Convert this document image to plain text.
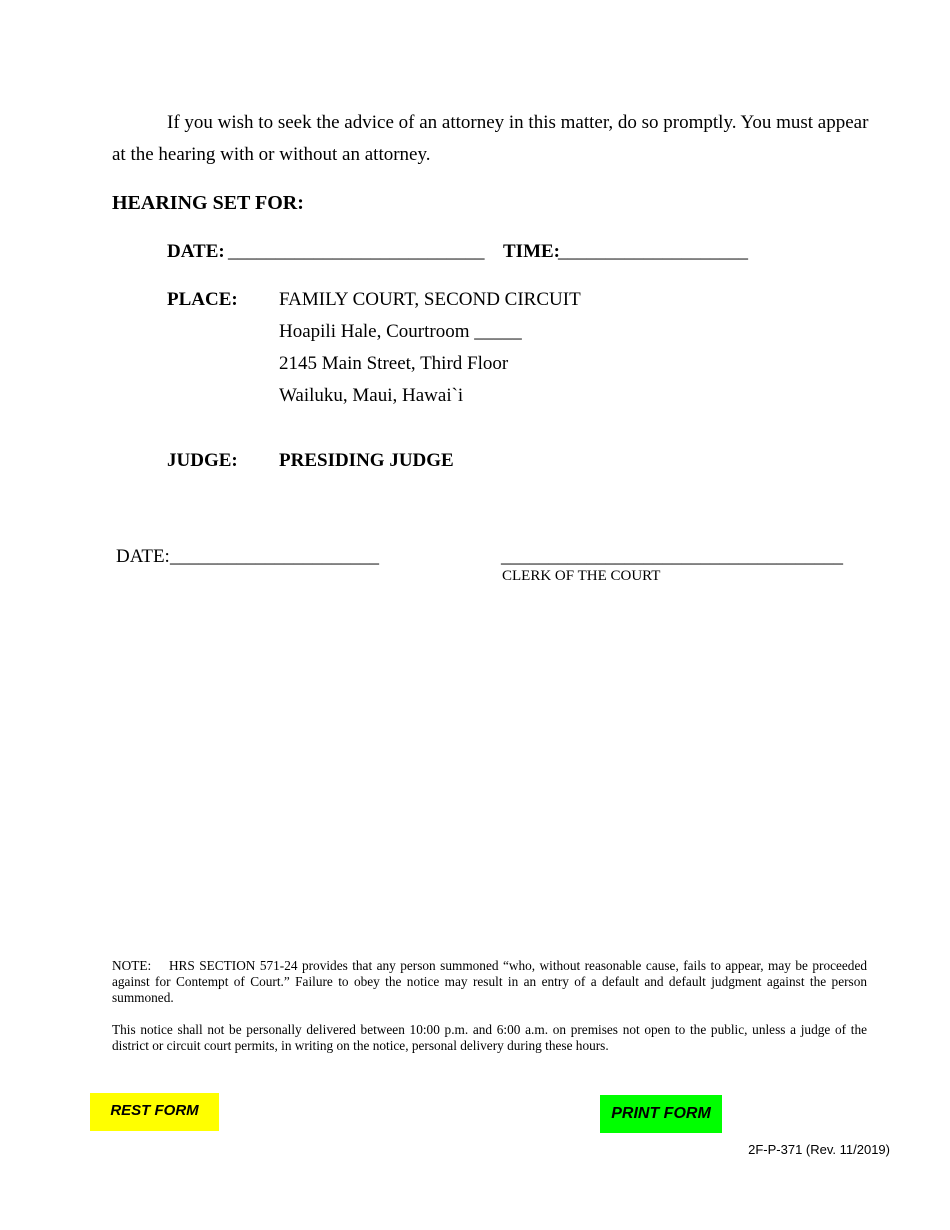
If you wish to seek the advice of an attorney in this matter, do so promptly. You must appear
at the hearing with or without an attorney.
HEARING SET FOR:
DATE: ___________________________ TIME:
____________________
PLACE: FAMILY COURT, SECOND CIRCUIT
Hoapili Hale, Courtroom _____
2145 Main Street, Third Floor
Wailuku, Maui, Hawai`i
JUDGE: PRESIDING JUDGE
DATE: ______________________	____________________________________
CLERK OF THE COURT
NOTE:    HRS SECTION 571-24 provides that any person summoned “who, without reasonable cause, fails to appear, may be proceeded against for Contempt of Court.” Failure to obey the notice may result in an entry of a default and default judgment against the person summoned.
This notice shall not be personally delivered between 10:00 p.m. and 6:00 a.m. on premises not open to the public, unless a judge of the district or circuit court permits, in writing on the notice, personal delivery during these hours.
REST FORM	PRINT FORM
2F-P-371 (Rev. 11/2019)
